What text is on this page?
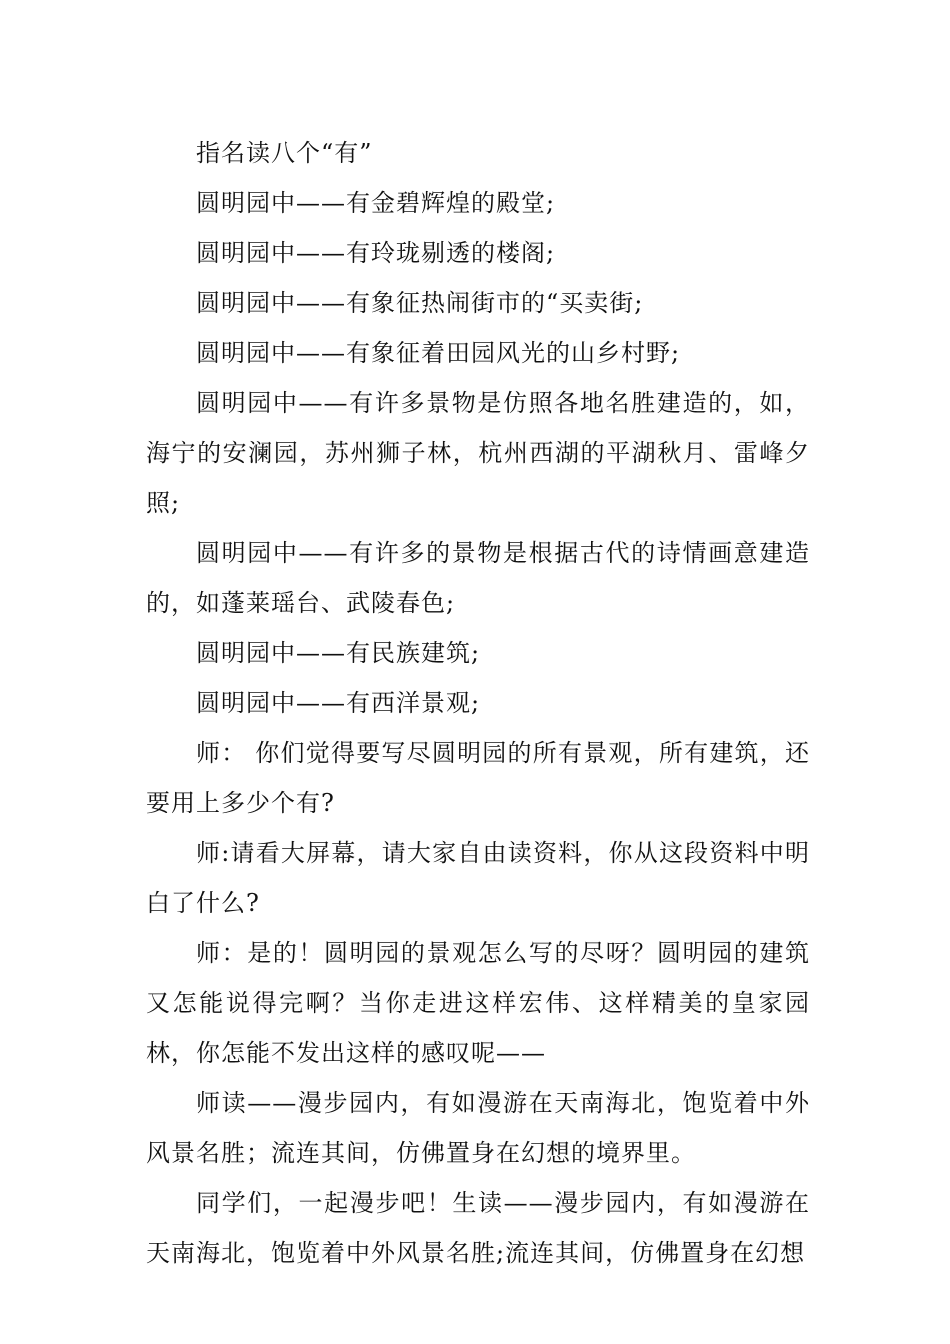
指名读八个“有”

圆明园中——有金碧辉煌的殿堂;

圆明园中——有玲珑剔透的楼阁;

圆明园中——有象征热闹街市的“买卖街;

圆明园中——有象征着田园风光的山乡村野;

圆明园中——有许多景物是仿照各地名胜建造的，如，海宁的安澜园，苏州狮子林，杭州西湖的平湖秋月、雷峰夕照;

圆明园中——有许多的景物是根据古代的诗情画意建造的，如蓬莱瑶台、武陵春色;

圆明园中——有民族建筑;

圆明园中——有西洋景观;

师： 你们觉得要写尽圆明园的所有景观，所有建筑，还要用上多少个有?

师:请看大屏幕，请大家自由读资料，你从这段资料中明白了什么?

师：是的！圆明园的景观怎么写的尽呀？圆明园的建筑又怎能说得完啊？当你走进这样宏伟、这样精美的皇家园林，你怎能不发出这样的感叹呢——

师读——漫步园内，有如漫游在天南海北，饱览着中外风景名胜；流连其间，仿佛置身在幻想的境界里。

同学们，一起漫步吧！生读——漫步园内，有如漫游在天南海北，饱览着中外风景名胜;流连其间，仿佛置身在幻想
